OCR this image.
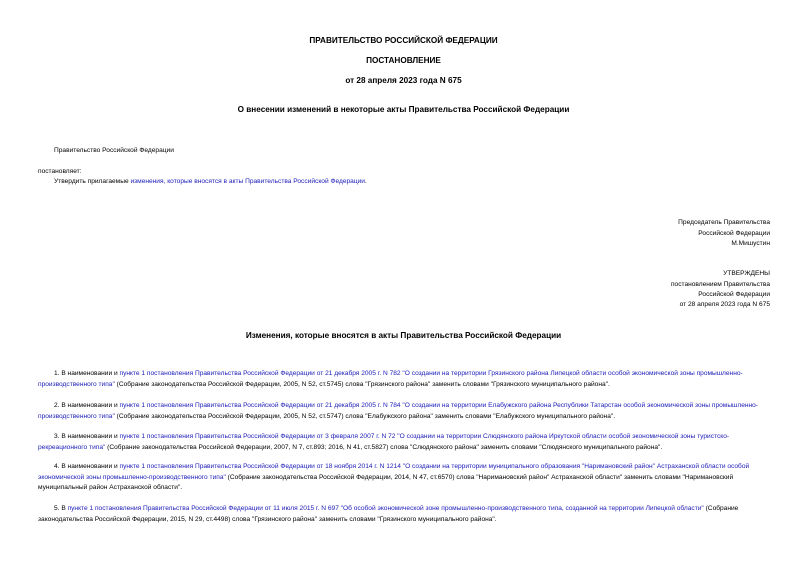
ПРАВИТЕЛЬСТВО РОССИЙСКОЙ ФЕДЕРАЦИИ
ПОСТАНОВЛЕНИЕ
от 28 апреля 2023 года N 675
О внесении изменений в некоторые акты Правительства Российской Федерации
Правительство Российской Федерации
постановляет:
Утвердить прилагаемые изменения, которые вносятся в акты Правительства Российской Федерации.
Председатель Правительства
Российской Федерации
М.Мишустин
УТВЕРЖДЕНЫ
постановлением Правительства
Российской Федерации
от 28 апреля 2023 года N 675
Изменения, которые вносятся в акты Правительства Российской Федерации
1. В наименовании и пункте 1 постановления Правительства Российской Федерации от 21 декабря 2005 г. N 782 "О создании на территории Грязинского района Липецкой области особой экономической зоны промышленно-производственного типа" (Собрание законодательства Российской Федерации, 2005, N 52, ст.5745) слова "Грязинского района" заменить словами "Грязинского муниципального района".
2. В наименовании и пункте 1 постановления Правительства Российской Федерации от 21 декабря 2005 г. N 784 "О создании на территории Елабужского района Республики Татарстан особой экономической зоны промышленно-производственного типа" (Собрание законодательства Российской Федерации, 2005, N 52, ст.5747) слова "Елабужского района" заменить словами "Елабужского муниципального района".
3. В наименовании и пункте 1 постановления Правительства Российской Федерации от 3 февраля 2007 г. N 72 "О создании на территории Слюдянского района Иркутской области особой экономической зоны туристско-рекреационного типа" (Собрание законодательства Российской Федерации, 2007, N 7, ст.893; 2016, N 41, ст.5827) слова "Слюдянского района" заменить словами "Слюдянского муниципального района".
4. В наименовании и пункте 1 постановления Правительства Российской Федерации от 18 ноября 2014 г. N 1214 "О создании на территории муниципального образования "Наримановский район" Астраханской области особой экономической зоны промышленно-производственного типа" (Собрание законодательства Российской Федерации, 2014, N 47, ст.6570) слова "Наримановский район" Астраханской области" заменить словами "Наримановский муниципальный район Астраханской области".
5. В пункте 1 постановления Правительства Российской Федерации от 11 июля 2015 г. N 697 "Об особой экономической зоне промышленно-производственного типа, созданной на территории Липецкой области" (Собрание законодательства Российской Федерации, 2015, N 29, ст.4498) слова "Грязинского района" заменить словами "Грязинского муниципального района".
